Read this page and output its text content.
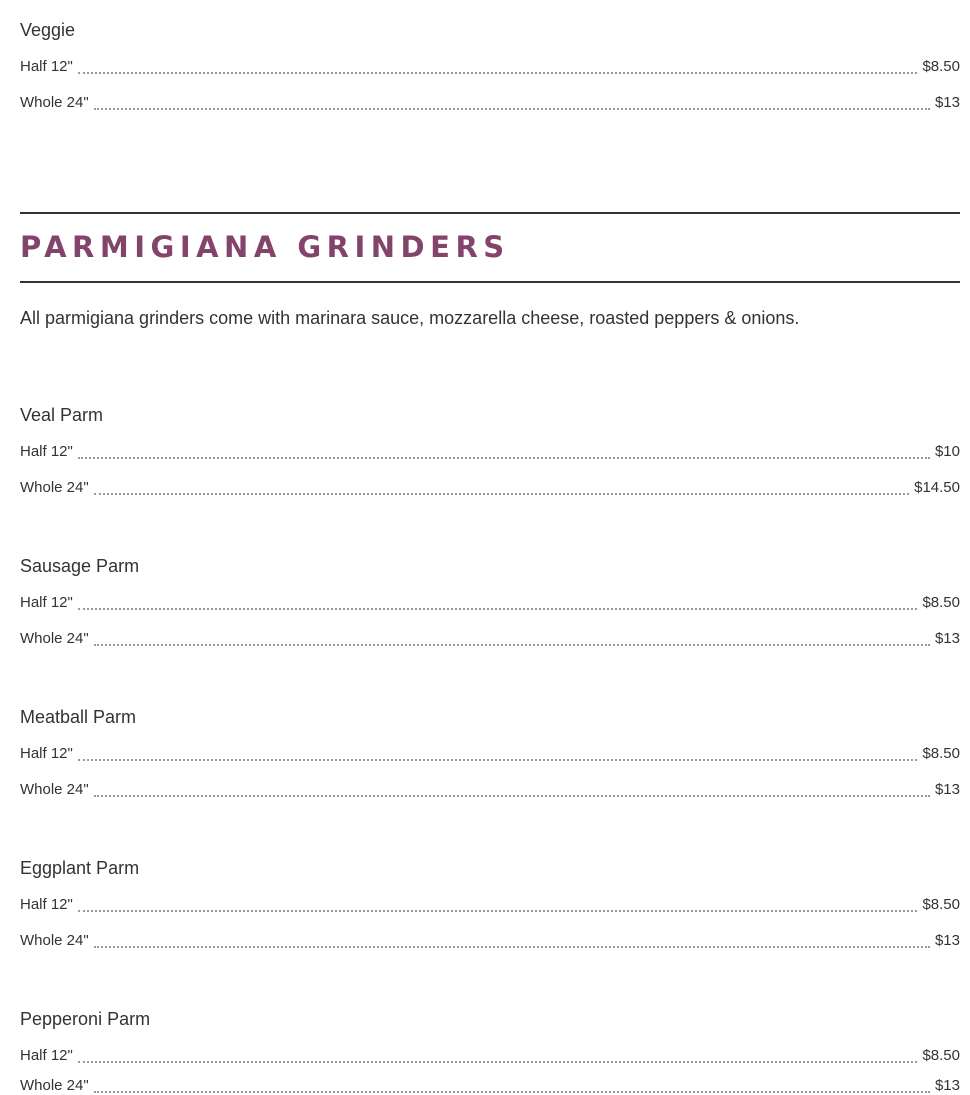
Veggie
Half 12"	$8.50
Whole 24"	$13
PARMIGIANA GRINDERS

All parmigiana grinders come with marinara sauce, mozzarella cheese, roasted peppers & onions.

Veal Parm
Half 12"	$10
Whole 24"	$14.50
Sausage Parm
Half 12"	$8.50
Whole 24"	$13
Meatball Parm
Half 12"	$8.50
Whole 24"	$13
Eggplant Parm
Half 12"	$8.50
Whole 24"	$13
Pepperoni Parm
Half 12"	$8.50
Whole 24"	$13
